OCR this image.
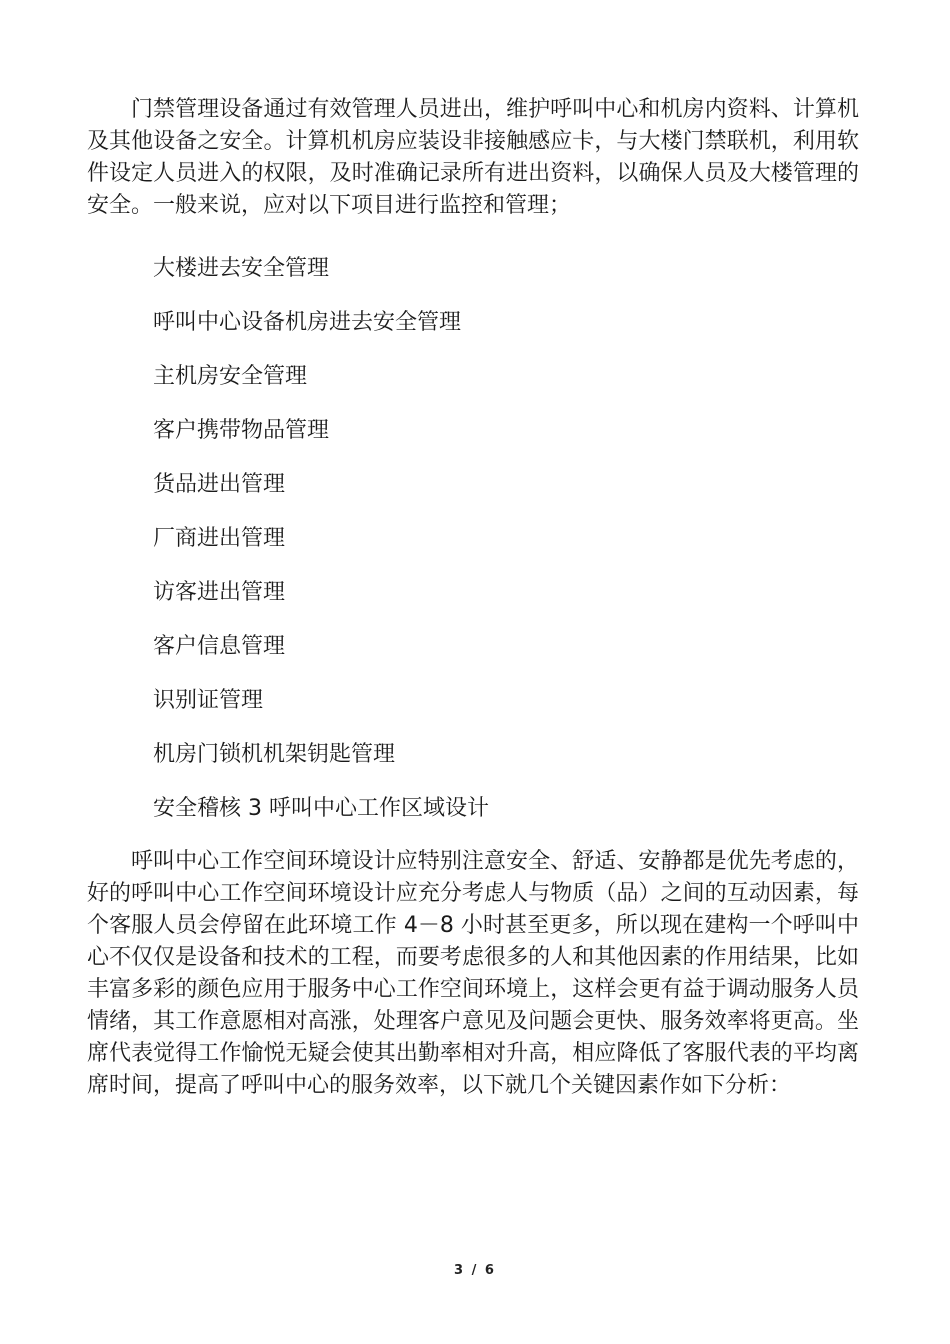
门禁管理设备通过有效管理人员进出，维护呼叫中心和机房内资料、计算机及其他设备之安全。计算机机房应装设非接触感应卡，与大楼门禁联机，利用软件设定人员进入的权限，及时准确记录所有进出资料，以确保人员及大楼管理的安全。一般来说，应对以下项目进行监控和管理；

大楼进去安全管理
呼叫中心设备机房进去安全管理
主机房安全管理
客户携带物品管理
货品进出管理
厂商进出管理
访客进出管理
客户信息管理
识别证管理
机房门锁机机架钥匙管理
安全稽核 3 呼叫中心工作区域设计

呼叫中心工作空间环境设计应特别注意安全、舒适、安静都是优先考虑的，好的呼叫中心工作空间环境设计应充分考虑人与物质（品）之间的互动因素，每个客服人员会停留在此环境工作 4－8 小时甚至更多，所以现在建构一个呼叫中心不仅仅是设备和技术的工程，而要考虑很多的人和其他因素的作用结果，比如丰富多彩的颜色应用于服务中心工作空间环境上，这样会更有益于调动服务人员情绪，其工作意愿相对高涨，处理客户意见及问题会更快、服务效率将更高。坐席代表觉得工作愉悦无疑会使其出勤率相对升高，相应降低了客服代表的平均离席时间，提高了呼叫中心的服务效率，以下就几个关键因素作如下分析：

3 / 6
